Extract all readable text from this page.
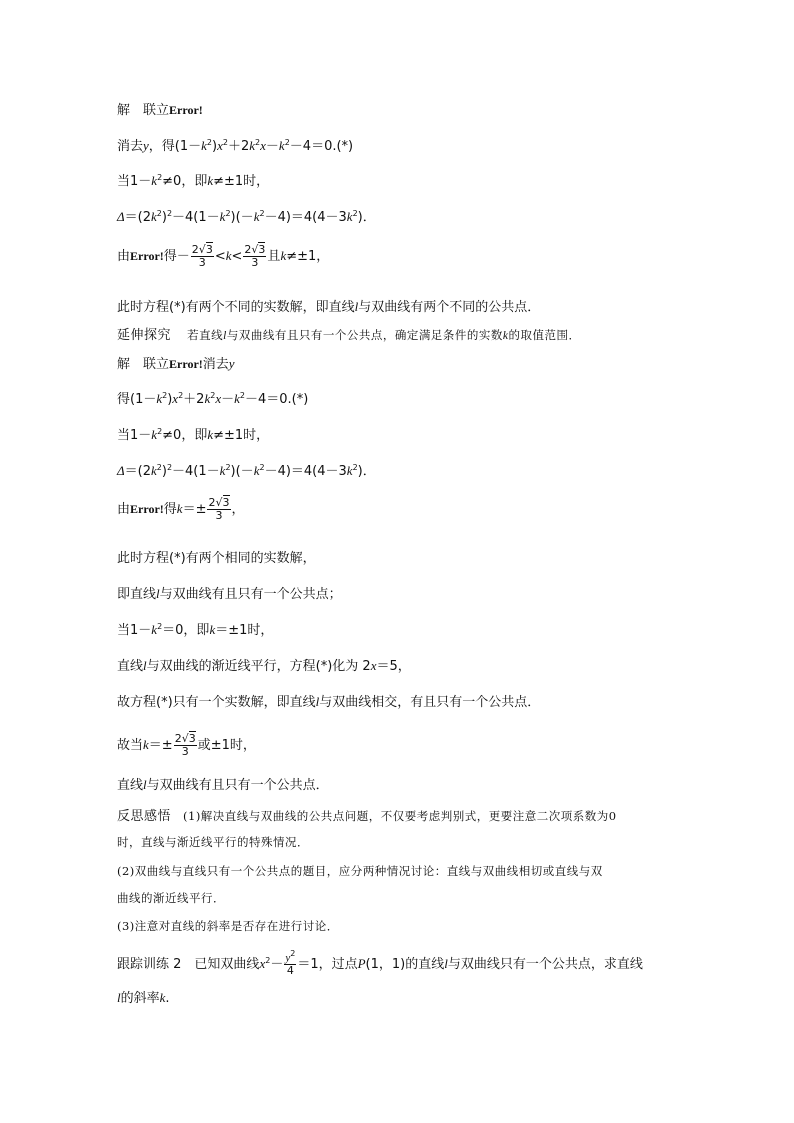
解　联立Error!
消去y，得$(1-k^2)x^2+2k^2x-k^2-4=0.(*)$
当$1-k^2\ne 0$，即k≠±1时，
$\Delta=(2k^2)^2-4(1-k^2)(-k^2-4)=4(4-3k^2)$．
由Error!得－ $\frac{2√3}{3} <k< \frac{2√3}{3}$ 且k≠±1，
此时方程(*)有两个不同的实数解，即直线l与双曲线有两个不同的公共点．
延伸探究　 若直线l与双曲线有且只有一个公共点，确定满足条件的实数k的取值范围．
解　联立Error!消去y
得$(1-k^2)x^2+2k^2x-k^2-4=0.(*)$
当$1-k^2\ne 0$，即k≠±1时，
$\Delta=(2k^2)^2-4(1-k^2)(-k^2-4)=4(4-3k^2)$．
由Error!得$k=\pm \frac{2√3}{3}$ ，
此时方程(*)有两个相同的实数解，
即直线l与双曲线有且只有一个公共点；
当$1-k^2=0$，即k＝±1时，
直线l与双曲线的渐近线平行，方程(*)化为 2x＝5，
故方程(*)只有一个实数解，即直线l与双曲线相交，有且只有一个公共点．
故当$k=\pm \frac{2√3}{3}$ 或±1时，
直线l与双曲线有且只有一个公共点．
反思感悟　 (1)解决直线与双曲线的公共点问题，不仅要考虑判别式，更要注意二次项系数为0
时，直线与渐近线平行的特殊情况．
(2)双曲线与直线只有一个公共点的题目，应分两种情况讨论：直线与双曲线相切或直线与双
曲线的渐近线平行．
(3)注意对直线的斜率是否存在进行讨论．
跟踪训练 2　 已知双曲线$x^2- \frac{y^2}{4} =1$，过点P(1，1)的直线l与双曲线只有一个公共点，求直线
l的斜率k.
